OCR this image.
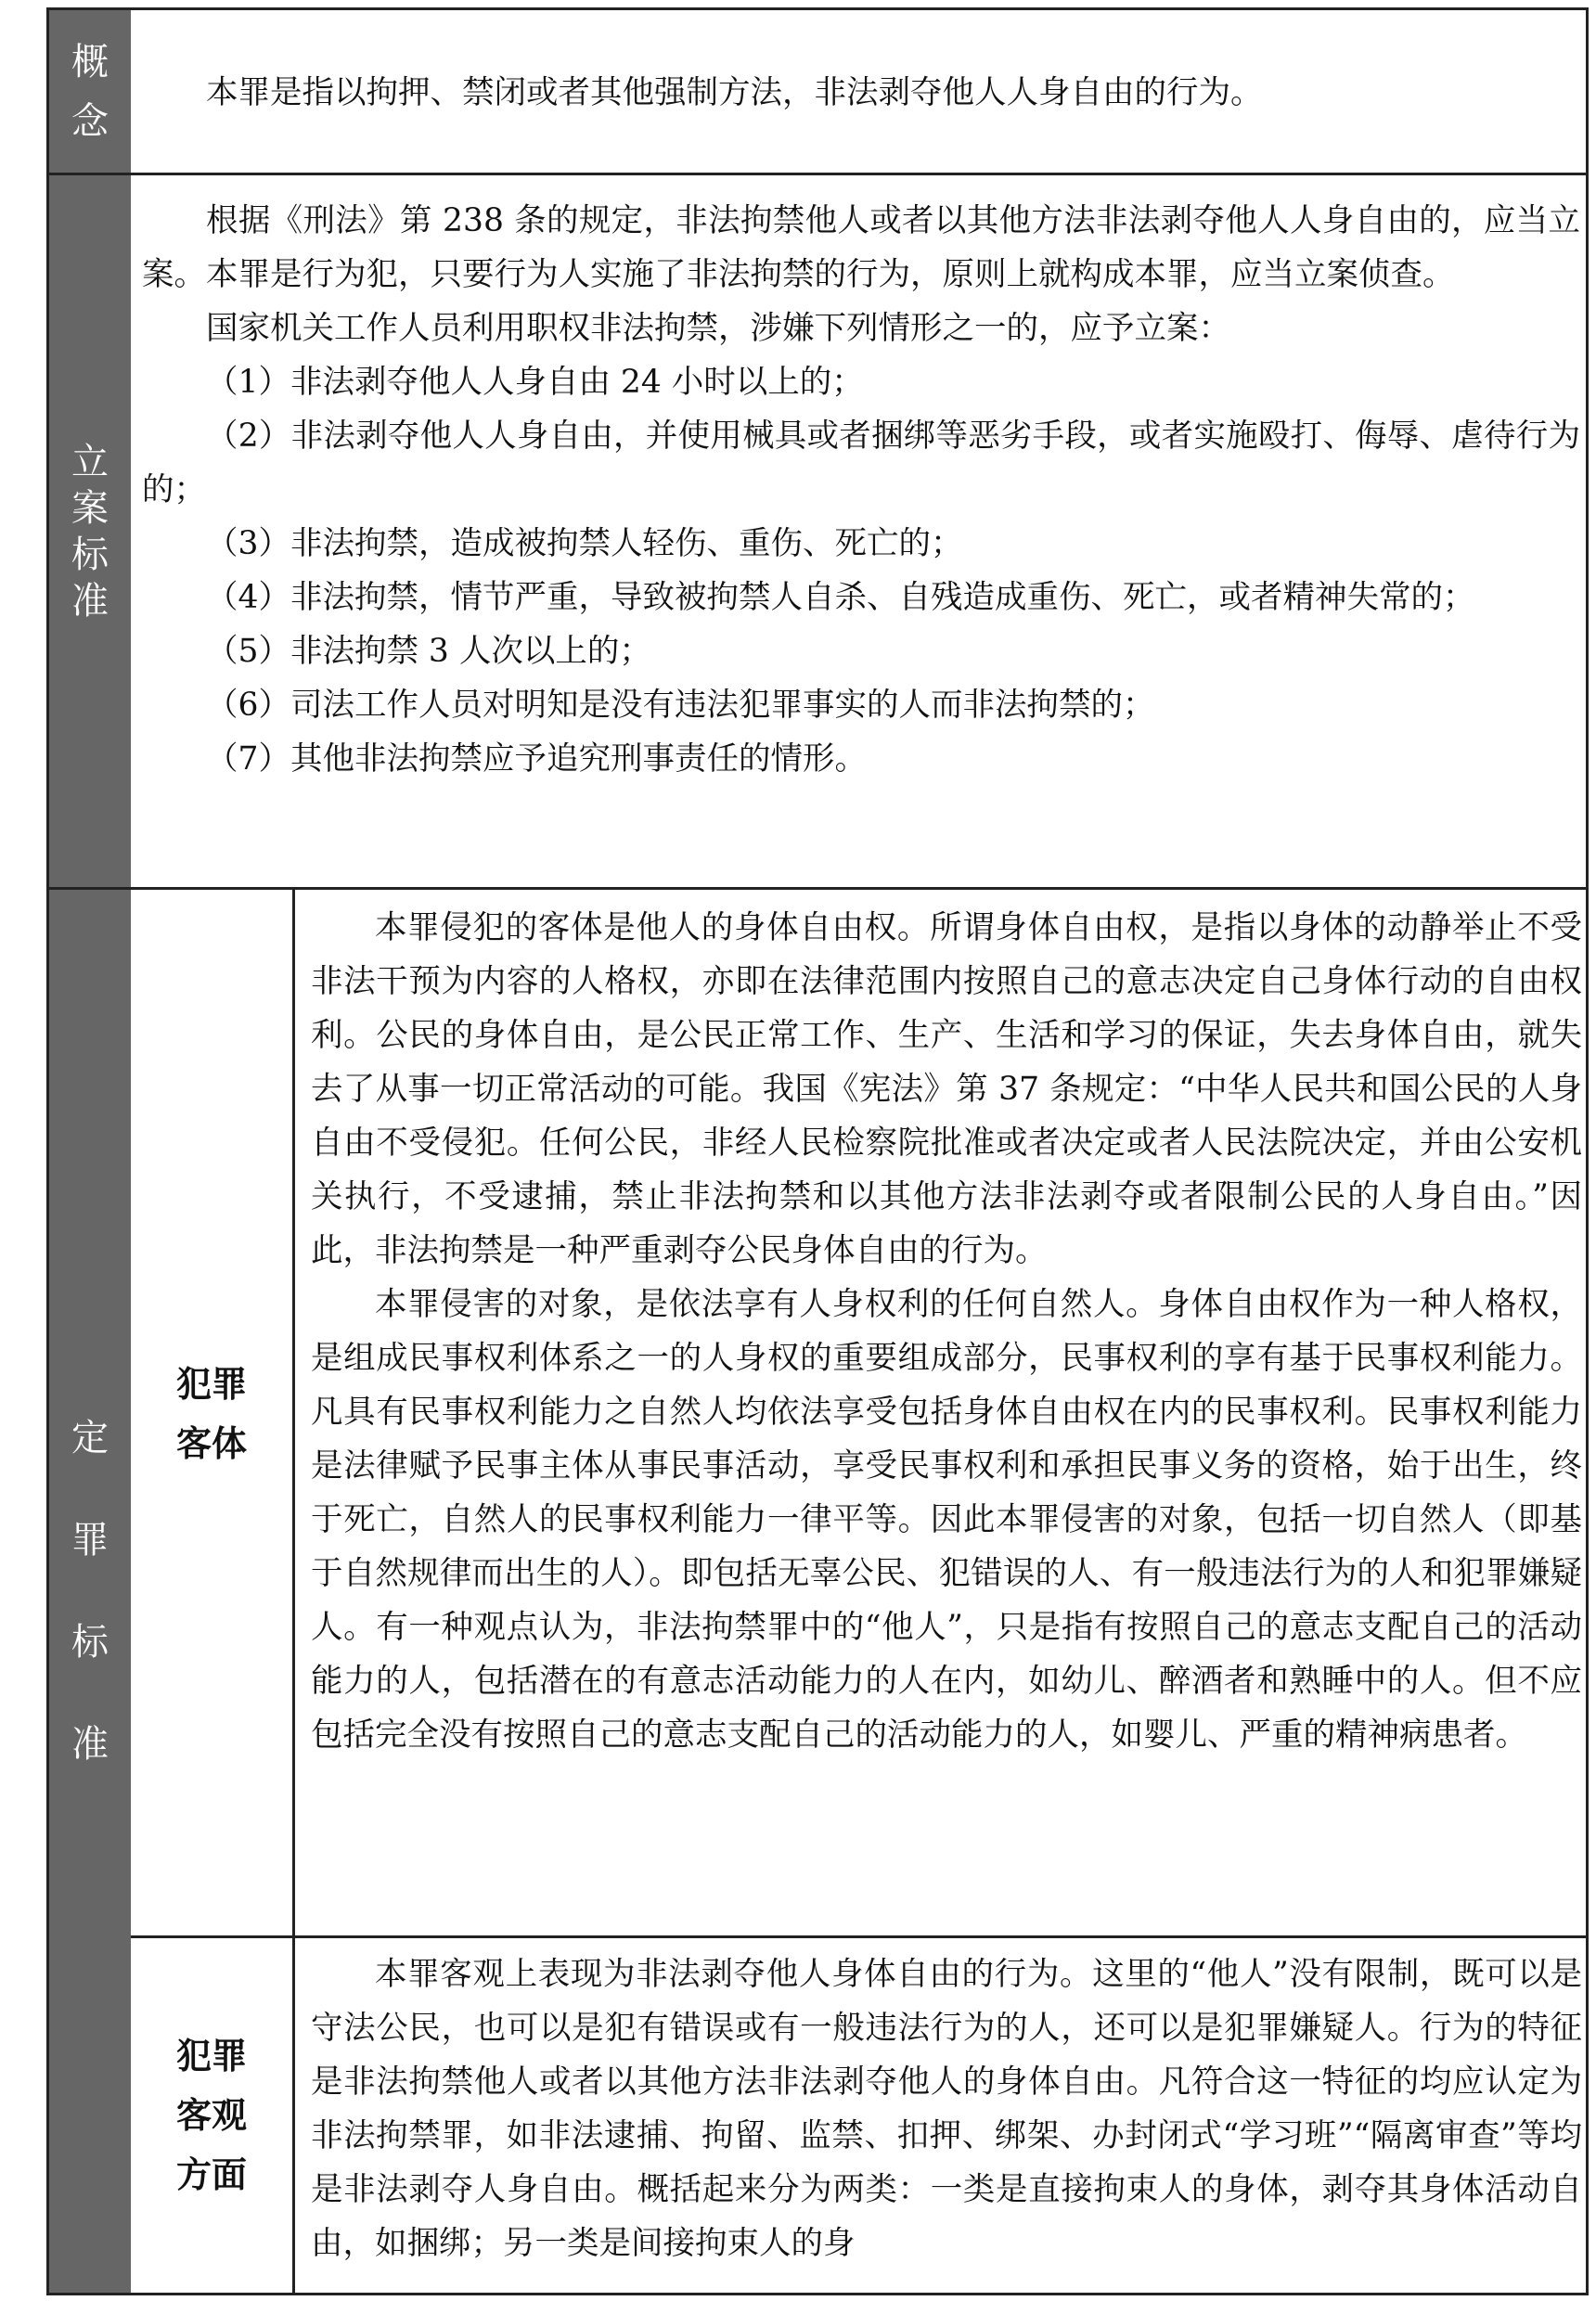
概
念

本罪是指以拘押、禁闭或者其他强制方法，非法剥夺他人人身自由的行为。

立
案
标
准

根据《刑法》第 238 条的规定，非法拘禁他人或者以其他方法非法剥夺他人人身自由的，应当立案。本罪是行为犯，只要行为人实施了非法拘禁的行为，原则上就构成本罪，应当立案侦查。

国家机关工作人员利用职权非法拘禁，涉嫌下列情形之一的，应予立案：

（1）非法剥夺他人人身自由 24 小时以上的；

（2）非法剥夺他人人身自由，并使用械具或者捆绑等恶劣手段，或者实施殴打、侮辱、虐待行为的；

（3）非法拘禁，造成被拘禁人轻伤、重伤、死亡的；

（4）非法拘禁，情节严重，导致被拘禁人自杀、自残造成重伤、死亡，或者精神失常的；

（5）非法拘禁 3 人次以上的；

（6）司法工作人员对明知是没有违法犯罪事实的人而非法拘禁的；

（7）其他非法拘禁应予追究刑事责任的情形。

定
罪
标
准
犯罪
客体

本罪侵犯的客体是他人的身体自由权。所谓身体自由权，是指以身体的动静举止不受非法干预为内容的人格权，亦即在法律范围内按照自己的意志决定自己身体行动的自由权利。公民的身体自由，是公民正常工作、生产、生活和学习的保证，失去身体自由，就失去了从事一切正常活动的可能。我国《宪法》第 37 条规定：“中华人民共和国公民的人身自由不受侵犯。任何公民，非经人民检察院批准或者决定或者人民法院决定，并由公安机关执行，不受逮捕，禁止非法拘禁和以其他方法非法剥夺或者限制公民的人身自由。”因此，非法拘禁是一种严重剥夺公民身体自由的行为。

本罪侵害的对象，是依法享有人身权利的任何自然人。身体自由权作为一种人格权，是组成民事权利体系之一的人身权的重要组成部分，民事权利的享有基于民事权利能力。凡具有民事权利能力之自然人均依法享受包括身体自由权在内的民事权利。民事权利能力是法律赋予民事主体从事民事活动，享受民事权利和承担民事义务的资格，始于出生，终于死亡，自然人的民事权利能力一律平等。因此本罪侵害的对象，包括一切自然人（即基于自然规律而出生的人）。即包括无辜公民、犯错误的人、有一般违法行为的人和犯罪嫌疑人。有一种观点认为，非法拘禁罪中的“他人”，只是指有按照自己的意志支配自己的活动能力的人，包括潜在的有意志活动能力的人在内，如幼儿、醉酒者和熟睡中的人。但不应包括完全没有按照自己的意志支配自己的活动能力的人，如婴儿、严重的精神病患者。

犯罪
客观
方面

本罪客观上表现为非法剥夺他人身体自由的行为。这里的“他人”没有限制，既可以是守法公民，也可以是犯有错误或有一般违法行为的人，还可以是犯罪嫌疑人。行为的特征是非法拘禁他人或者以其他方法非法剥夺他人的身体自由。凡符合这一特征的均应认定为非法拘禁罪，如非法逮捕、拘留、监禁、扣押、绑架、办封闭式“学习班”“隔离审查”等均是非法剥夺人身自由。概括起来分为两类：一类是直接拘束人的身体，剥夺其身体活动自由，如捆绑；另一类是间接拘束人的身
